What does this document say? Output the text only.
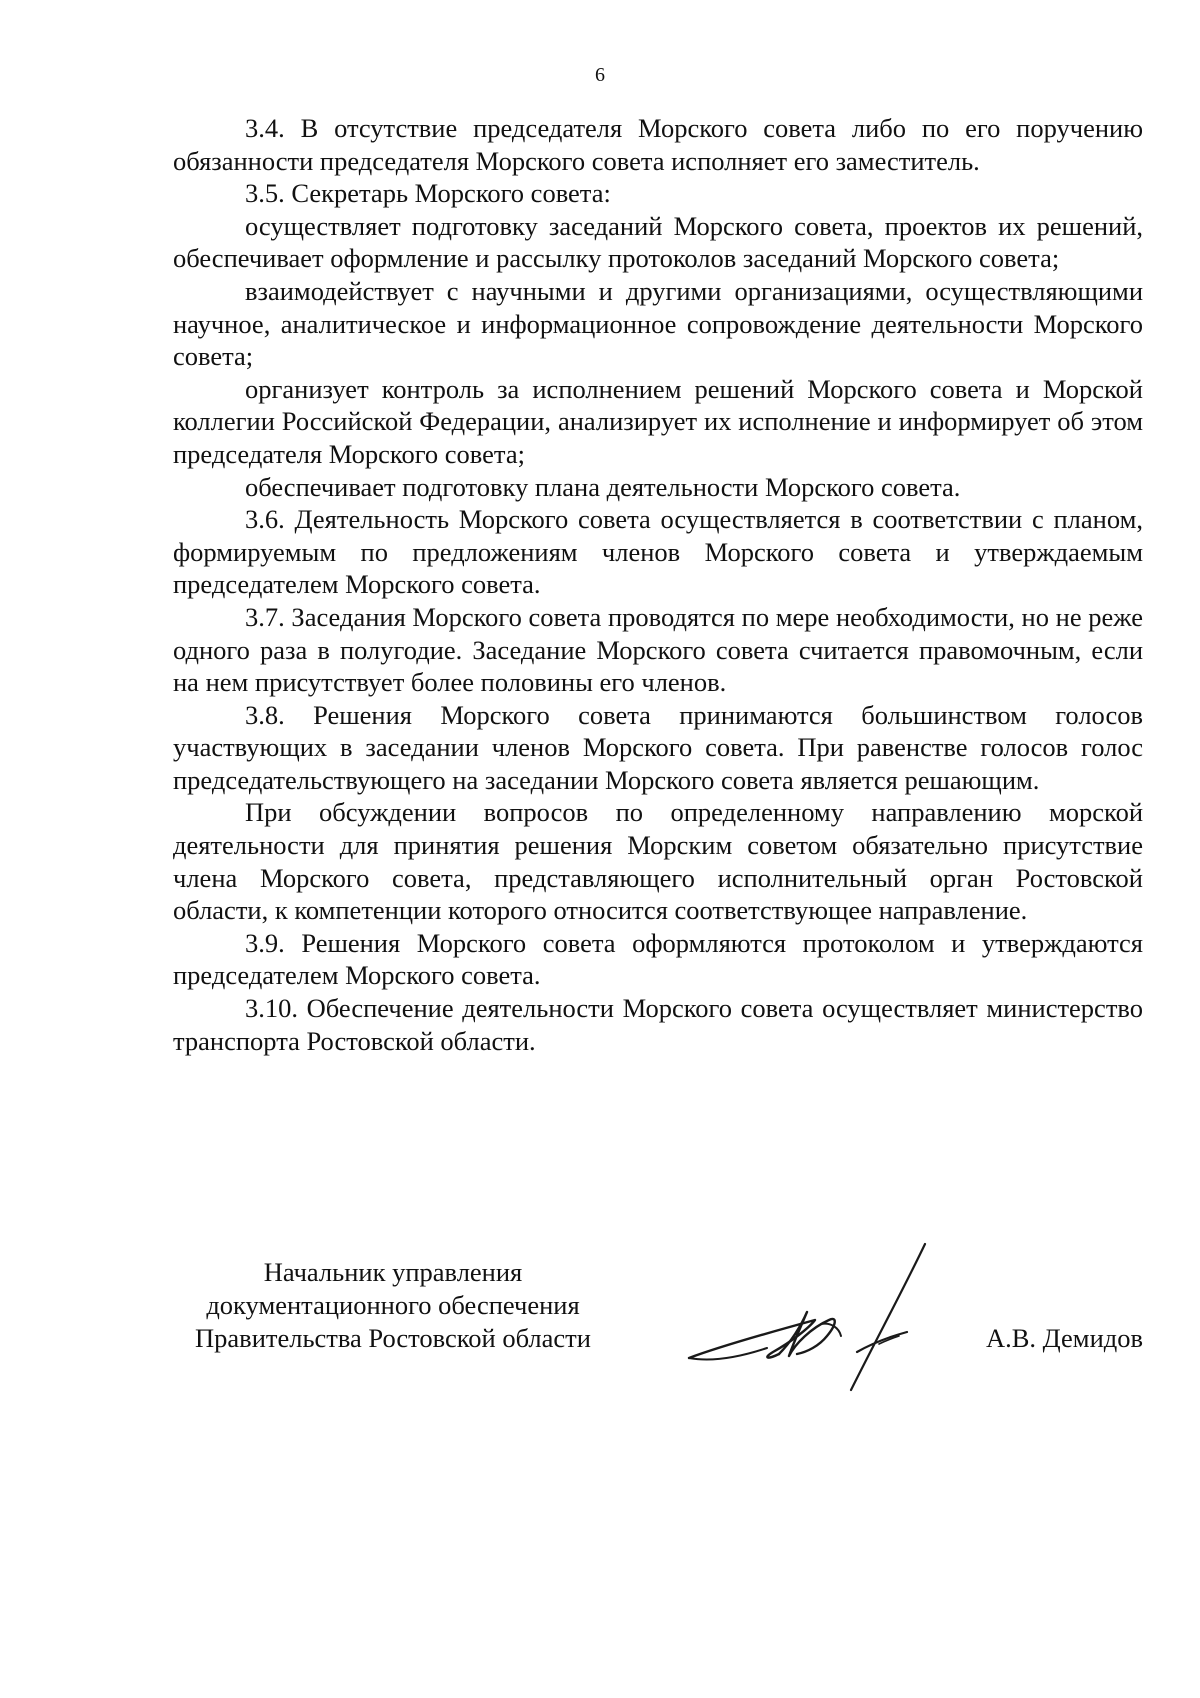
6

3.4. В отсутствие председателя Морского совета либо по его поручению обязанности председателя Морского совета исполняет его заместитель.

3.5. Секретарь Морского совета:

осуществляет подготовку заседаний Морского совета, проектов их решений, обеспечивает оформление и рассылку протоколов заседаний Морского совета;

взаимодействует с научными и другими организациями, осуществляющими научное, аналитическое и информационное сопровождение деятельности Морского совета;

организует контроль за исполнением решений Морского совета и Морской коллегии Российской Федерации, анализирует их исполнение и информирует об этом председателя Морского совета;

обеспечивает подготовку плана деятельности Морского совета.

3.6. Деятельность Морского совета осуществляется в соответствии с планом, формируемым по предложениям членов Морского совета и утверждаемым председателем Морского совета.

3.7. Заседания Морского совета проводятся по мере необходимости, но не реже одного раза в полугодие. Заседание Морского совета считается правомочным, если на нем присутствует более половины его членов.

3.8. Решения Морского совета принимаются большинством голосов участвующих в заседании членов Морского совета. При равенстве голосов голос председательствующего на заседании Морского совета является решающим.

При обсуждении вопросов по определенному направлению морской деятельности для принятия решения Морским советом обязательно присутствие члена Морского совета, представляющего исполнительный орган Ростовской области, к компетенции которого относится соответствующее направление.

3.9. Решения Морского совета оформляются протоколом и утверждаются председателем Морского совета.

3.10. Обеспечение деятельности Морского совета осуществляет министерство транспорта Ростовской области.

Начальник управления
документационного обеспечения
Правительства Ростовской области	А.В. Демидов
